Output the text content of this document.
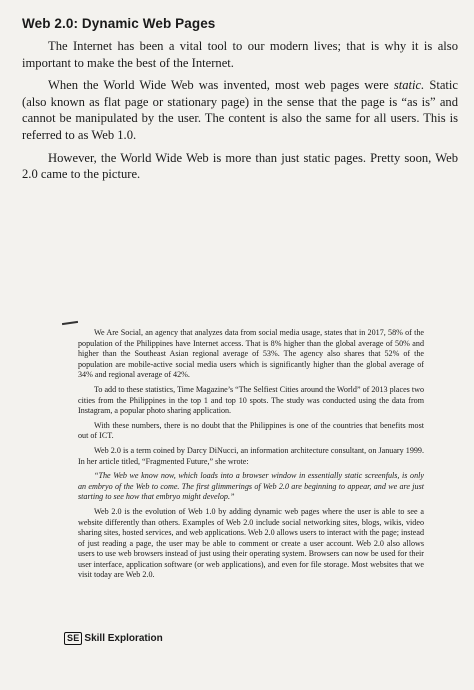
Web 2.0: Dynamic Web Pages

The Internet has been a vital tool to our modern lives; that is why it is also important to make the best of the Internet.

When the World Wide Web was invented, most web pages were static. Static (also known as flat page or stationary page) in the sense that the page is “as is” and cannot be manipulated by the user. The content is also the same for all users. This is referred to as Web 1.0.

However, the World Wide Web is more than just static pages. Pretty soon, Web 2.0 came to the picture.

We Are Social, an agency that analyzes data from social media usage, states that in 2017, 58% of the population of the Philippines have Internet access. That is 8% higher than the global average of 50% and higher than the Southeast Asian regional average of 53%. The agency also shares that 52% of the population are mobile-active social media users which is significantly higher than the global average of 34% and regional average of 42%.

To add to these statistics, Time Magazine’s “The Selfiest Cities around the World” of 2013 places two cities from the Philippines in the top 1 and top 10 spots. The study was conducted using the data from Instagram, a popular photo sharing application.

With these numbers, there is no doubt that the Philippines is one of the countries that benefits most out of ICT.

Web 2.0 is a term coined by Darcy DiNucci, an information architecture consultant, on January 1999. In her article titled, “Fragmented Future,” she wrote:

“The Web we know now, which loads into a browser window in essentially static screenfuls, is only an embryo of the Web to come. The first glimmerings of Web 2.0 are beginning to appear, and we are just starting to see how that embryo might develop.”

Web 2.0 is the evolution of Web 1.0 by adding dynamic web pages where the user is able to see a website differently than others. Examples of Web 2.0 include social networking sites, blogs, wikis, video sharing sites, hosted services, and web applications. Web 2.0 allows users to interact with the page; instead of just reading a page, the user may be able to comment or create a user account. Web 2.0 also allows users to use web browsers instead of just using their operating system. Browsers can now be used for their user interface, application software (or web applications), and even for file storage. Most websites that we visit today are Web 2.0.

SE Skill Exploration
